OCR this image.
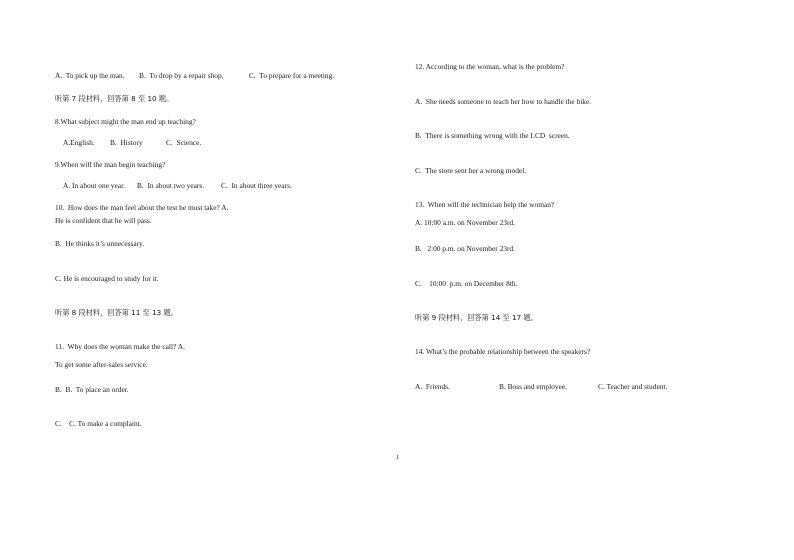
A.  To pick up the man. B.  To drop by a repair shop.	C.  To prepare for a meeting.
听第 7 段材料，回答第 8 至 10 题。
8.What subject might the man end up teaching?
A.English. B.  History	C.  Science.
9.When will the man begin teaching?
A. In about one year. B.  In about two years. C.  In about three years.
10.  How does the man feel about the test he must take? A.
He is confident that he will pass.
B.  He thinks it’s unnecessary.
C. He is encouraged to study for it.
听第 8 段材料，回答第 11 至 13 题。
11.  Why does the woman make the call? A.
To get some after-sales service.
B.  B.  To place an order.
C.    C. To make a complaint.
12. According to the woman, what is the problem?
A.  She needs someone to teach her how to handle the bike.
B.  There is something wrong with the LCD  screen.
C.  The store sent her a wrong model.
13.  When will the technician help the woman?
A. 10:00 a.m. on November 23rd.
B.   2:00 p.m. on November 23rd.
C.    10:00  p.m. on December 8th.
听第 9 段材料，回答第 14 至 17 题。
14. What’s the probable relationship between the speakers?
A.  Friends.	B. Boss and employee.	C. Teacher and student.
1
